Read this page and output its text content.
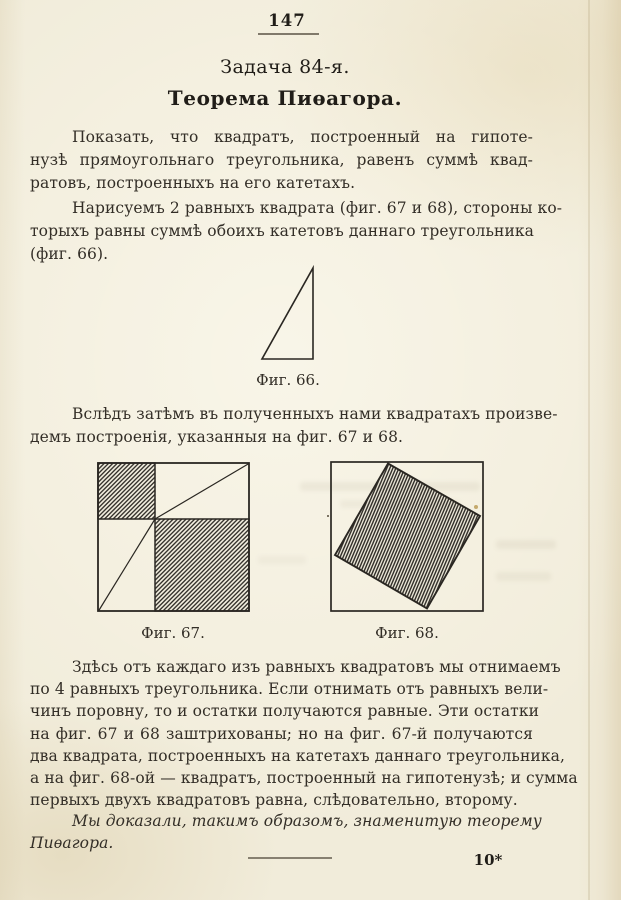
147
Задача 84-я.
Теорема Пиѳагора.
Показать, что квадратъ, построенный на гипоте-
нузѣ прямоугольнаго треугольника, равенъ суммѣ квад-
ратовъ, построенныхъ на его катетахъ.
Нарисуемъ 2 равныхъ квадрата (фиг. 67 и 68), стороны ко-
торыхъ равны суммѣ обоихъ катетовъ даннаго треугольника
(фиг. 66).
Фиг. 66.
Вслѣдъ затѣмъ въ полученныхъ нами квадратахъ произве-
демъ построенія, указанныя на фиг. 67 и 68.
Фиг. 67.	Фиг. 68.
Здѣсь отъ каждаго изъ равныхъ квадратовъ мы отнимаемъ
по 4 равныхъ треугольника. Если отнимать отъ равныхъ вели-
чинъ поровну, то и остатки получаются равные. Эти остатки
на фиг. 67 и 68 заштрихованы; но на фиг. 67-й получаются
два квадрата, построенныхъ на катетахъ даннаго треугольника,
а на фиг. 68-ой — квадратъ, построенный на гипотенузѣ; и сумма
первыхъ двухъ квадратовъ равна, слѣдовательно, второму.
Мы доказали, такимъ образомъ, знаменитую теорему
Пиѳагора.
10*
